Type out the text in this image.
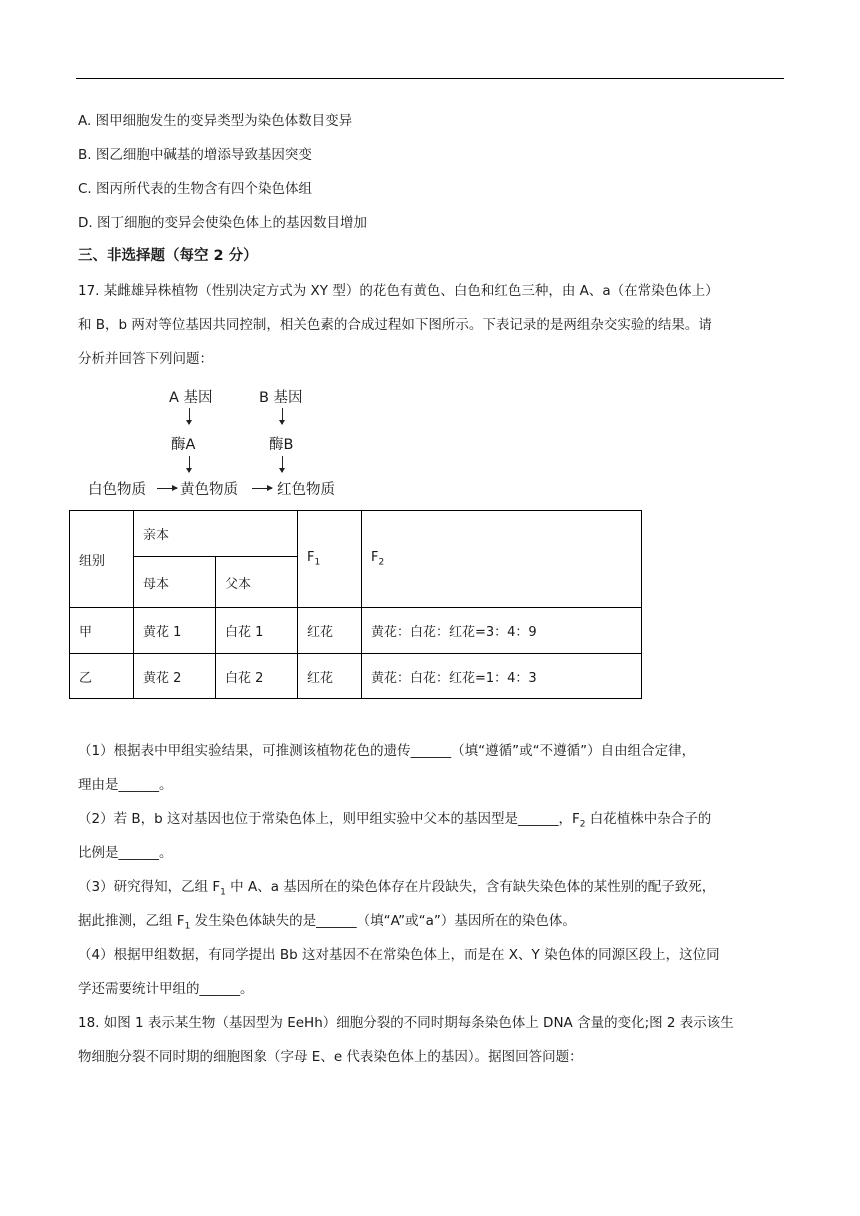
A. 图甲细胞发生的变异类型为染色体数目变异
B. 图乙细胞中碱基的增添导致基因突变
C. 图丙所代表的生物含有四个染色体组
D. 图丁细胞的变异会使染色体上的基因数目增加
三、非选择题（每空 2 分）
17. 某雌雄异株植物（性别决定方式为 XY 型）的花色有黄色、白色和红色三种，由 A、a（在常染色体上）
和 B，b 两对等位基因共同控制，相关色素的合成过程如下图所示。下表记录的是两组杂交实验的结果。请
分析并回答下列问题：
A 基因	B 基因
酶A	酶B
白色物质 黄色物质	红色物质
组别	亲本		$F_1$	$F_2$
	母本	父本		
甲	黄花 1	白花 1	红花	黄花：白花：红花=3：4：9
乙	黄花 2	白花 2	红花	黄花：白花：红花=1：4：3
（1）根据表中甲组实验结果，可推测该植物花色的遗传______（填“遵循”或“不遵循”）自由组合定律，
理由是______。
（2）若 B，b 这对基因也位于常染色体上，则甲组实验中父本的基因型是______，$F_2$ 白花植株中杂合子的
比例是______。
（3）研究得知，乙组 $F_1$ 中 A、a 基因所在的染色体存在片段缺失，含有缺失染色体的某性别的配子致死，
据此推测，乙组 $F_1$ 发生染色体缺失的是______（填“A”或“a”）基因所在的染色体。
（4）根据甲组数据，有同学提出 Bb 这对基因不在常染色体上，而是在 X、Y 染色体的同源区段上，这位同
学还需要统计甲组的______。
18. 如图 1 表示某生物（基因型为 EeHh）细胞分裂的不同时期每条染色体上 DNA 含量的变化;图 2 表示该生
物细胞分裂不同时期的细胞图象（字母 E、e 代表染色体上的基因）。据图回答问题：
